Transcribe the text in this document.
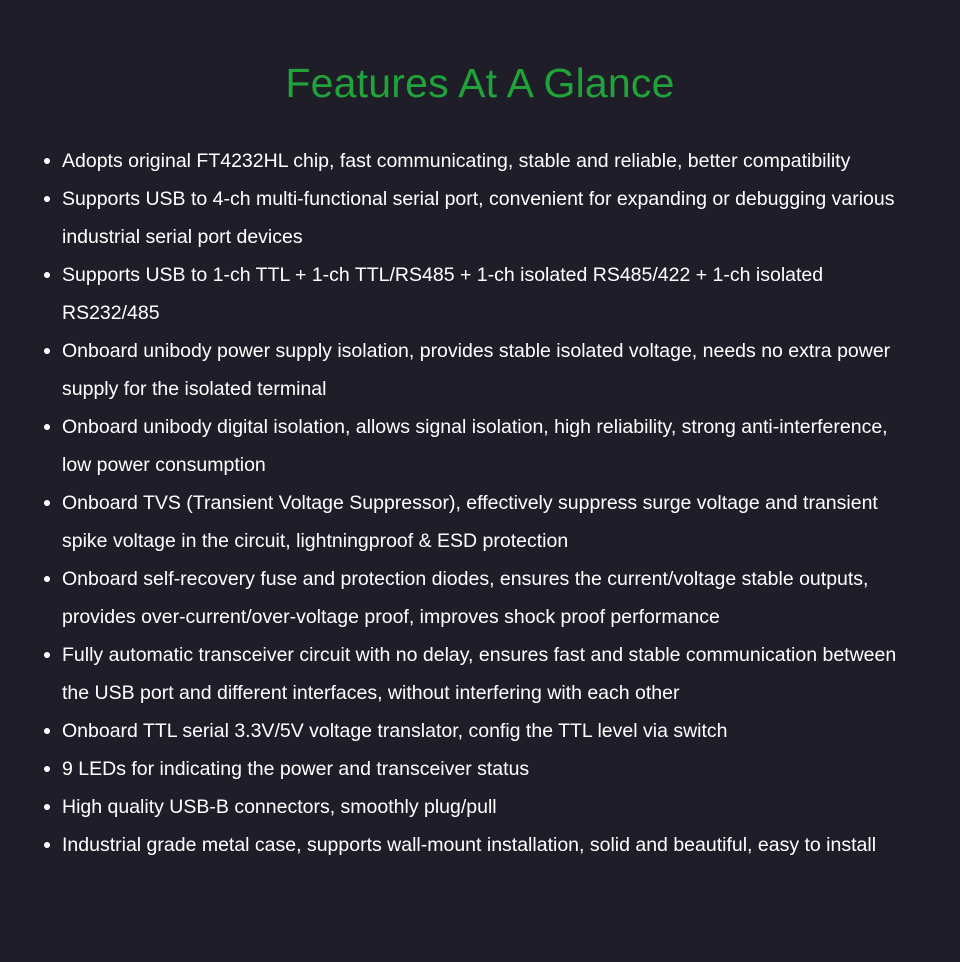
Features At A Glance
Adopts original FT4232HL chip, fast communicating, stable and reliable, better compatibility
Supports USB to 4-ch multi-functional serial port, convenient for expanding or debugging various industrial serial port devices
Supports USB to 1-ch TTL + 1-ch TTL/RS485 + 1-ch isolated RS485/422 + 1-ch isolated RS232/485
Onboard unibody power supply isolation, provides stable isolated voltage, needs no extra power supply for the isolated terminal
Onboard unibody digital isolation, allows signal isolation, high reliability, strong anti-interference, low power consumption
Onboard TVS (Transient Voltage Suppressor), effectively suppress surge voltage and transient spike voltage in the circuit, lightningproof & ESD protection
Onboard self-recovery fuse and protection diodes, ensures the current/voltage stable outputs, provides over-current/over-voltage proof, improves shock proof performance
Fully automatic transceiver circuit with no delay, ensures fast and stable communication between the USB port and different interfaces, without interfering with each other
Onboard TTL serial 3.3V/5V voltage translator, config the TTL level via switch
9 LEDs for indicating the power and transceiver status
High quality USB-B connectors, smoothly plug/pull
Industrial grade metal case, supports wall-mount installation, solid and beautiful, easy to install
